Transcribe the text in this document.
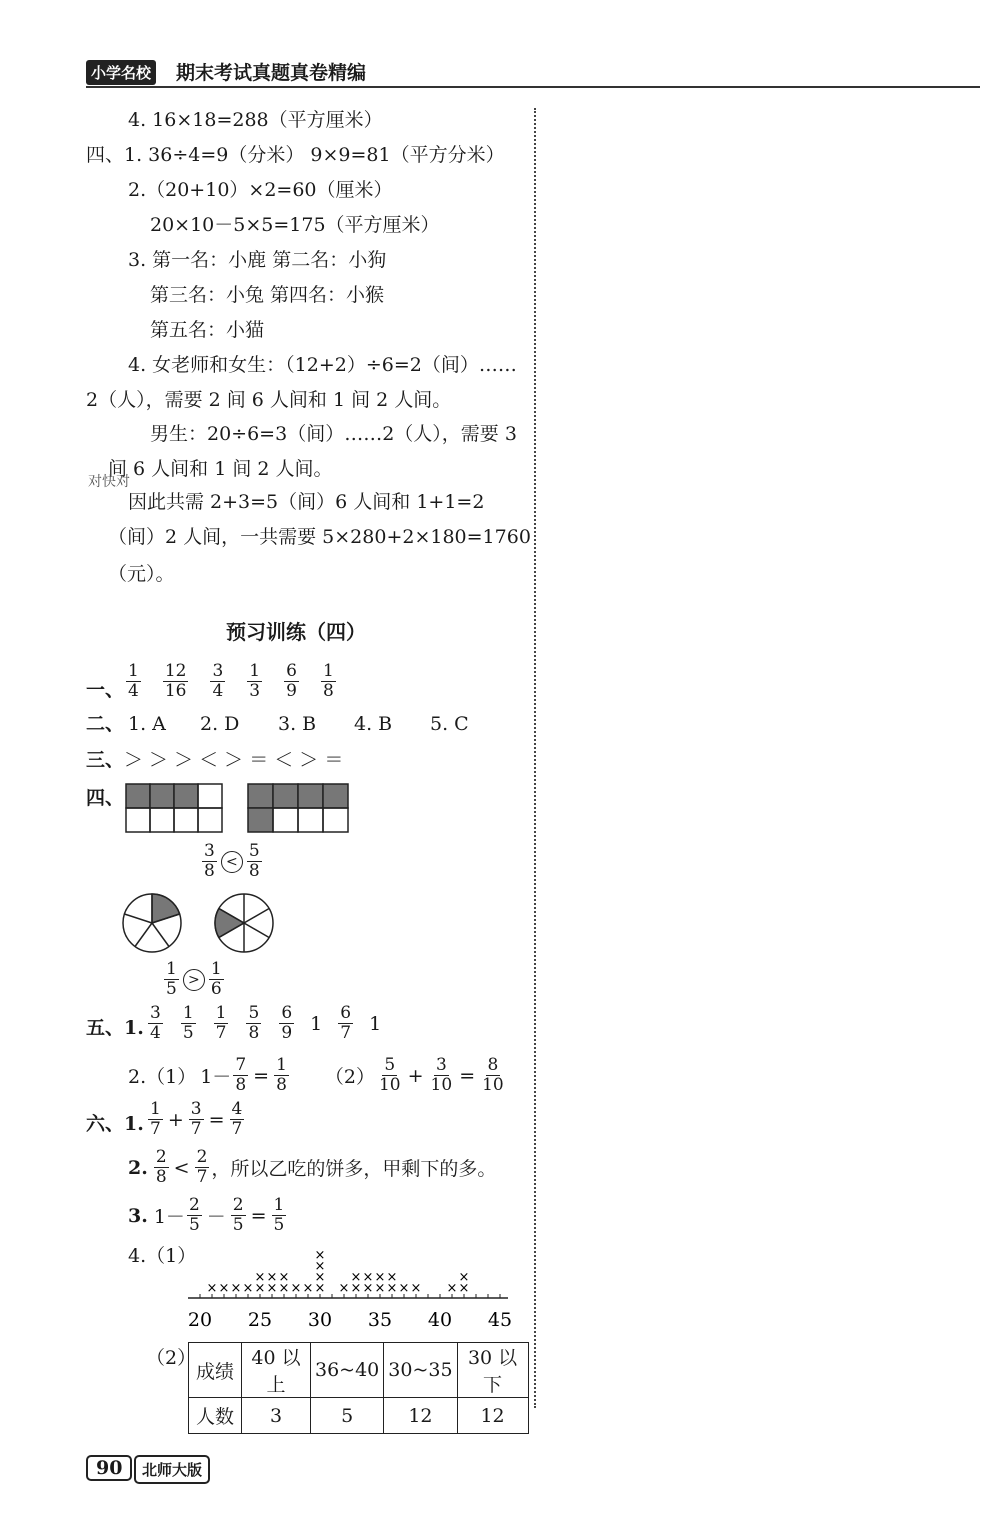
小学名校 期末考试真题真卷精编
4. 16×18=288（平方厘米）
四、1. 36÷4=9（分米） 9×9=81（平方分米）
2.（20+10）×2=60（厘米）
20×10－5×5=175（平方厘米）
3. 第一名：小鹿 第二名：小狗
第三名：小兔 第四名：小猴
第五名：小猫
4. 女老师和女生：（12+2）÷6=2（间）……
2（人），需要 2 间 6 人间和 1 间 2 人间。
男生：20÷6=3（间）……2（人），需要 3
间 6 人间和 1 间 2 人间。
对快对
因此共需 2+3=5（间）6 人间和 1+1=2
（间）2 人间，一共需要 5×280+2×180=1760
（元）。
预习训练（四）
一、 $\frac{1}{4} \frac{12}{16} \frac{3}{4} \frac{1}{3} \frac{6}{9} \frac{1}{8}$
二、 1. A 2. D 3. B 4. B 5. C
三、 ＞ ＞ ＞ ＜ ＞ ＝ ＜ ＞ ＝
四、
$\frac{3}{8} < \frac{5}{8}$
$\frac{1}{5} > \frac{1}{6}$
五、1. $\frac{3}{4} \frac{1}{5} \frac{1}{7} \frac{5}{8} \frac{6}{9} 1 \frac{6}{7} 1$
2.（1） $1- \frac{7}{8} = \frac{1}{8} (2) \frac{5}{10} + \frac{3}{10} = \frac{8}{10}$
六、1. $\frac{1}{7} + \frac{3}{7} = \frac{4}{7}$
2. $\frac{2}{8} < \frac{2}{7}$ ，所以乙吃的饼多，甲剩下的多。
3. $1- \frac{2}{5} - \frac{2}{5} = \frac{1}{5}$
4.（1）
20 25 30 35 40 45
× × × × ×
×
×
×
×
×
× × ×
×
×
×
× ×
×
×
×
×
×
×
×
× × × ×
×
（2）
成绩	40 以上	36~40	30~35	30 以下
人数	3	5	12	12
90	北师大版
